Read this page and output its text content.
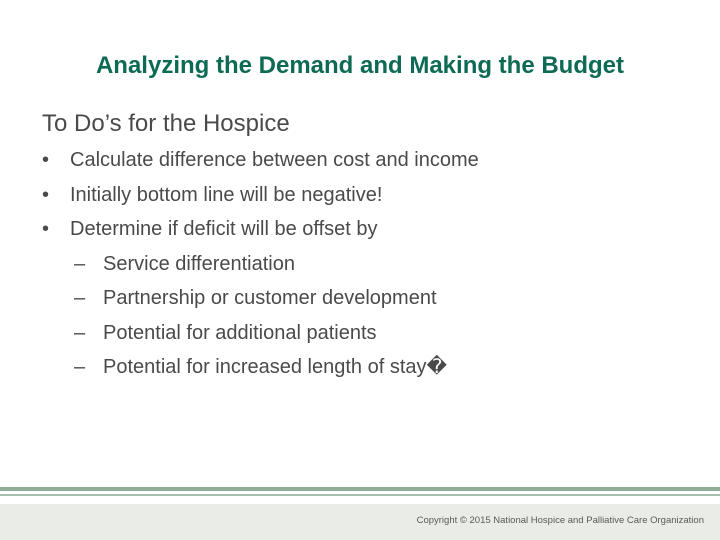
Analyzing the Demand and Making the Budget
To Do’s for the Hospice
• Calculate difference between cost and income
• Initially bottom line will be negative!
• Determine if deficit will be offset by
– Service differentiation
– Partnership or customer development
– Potential for additional patients
– Potential for increased length of stay�
Copyright © 2015 National Hospice and Palliative Care Organization
